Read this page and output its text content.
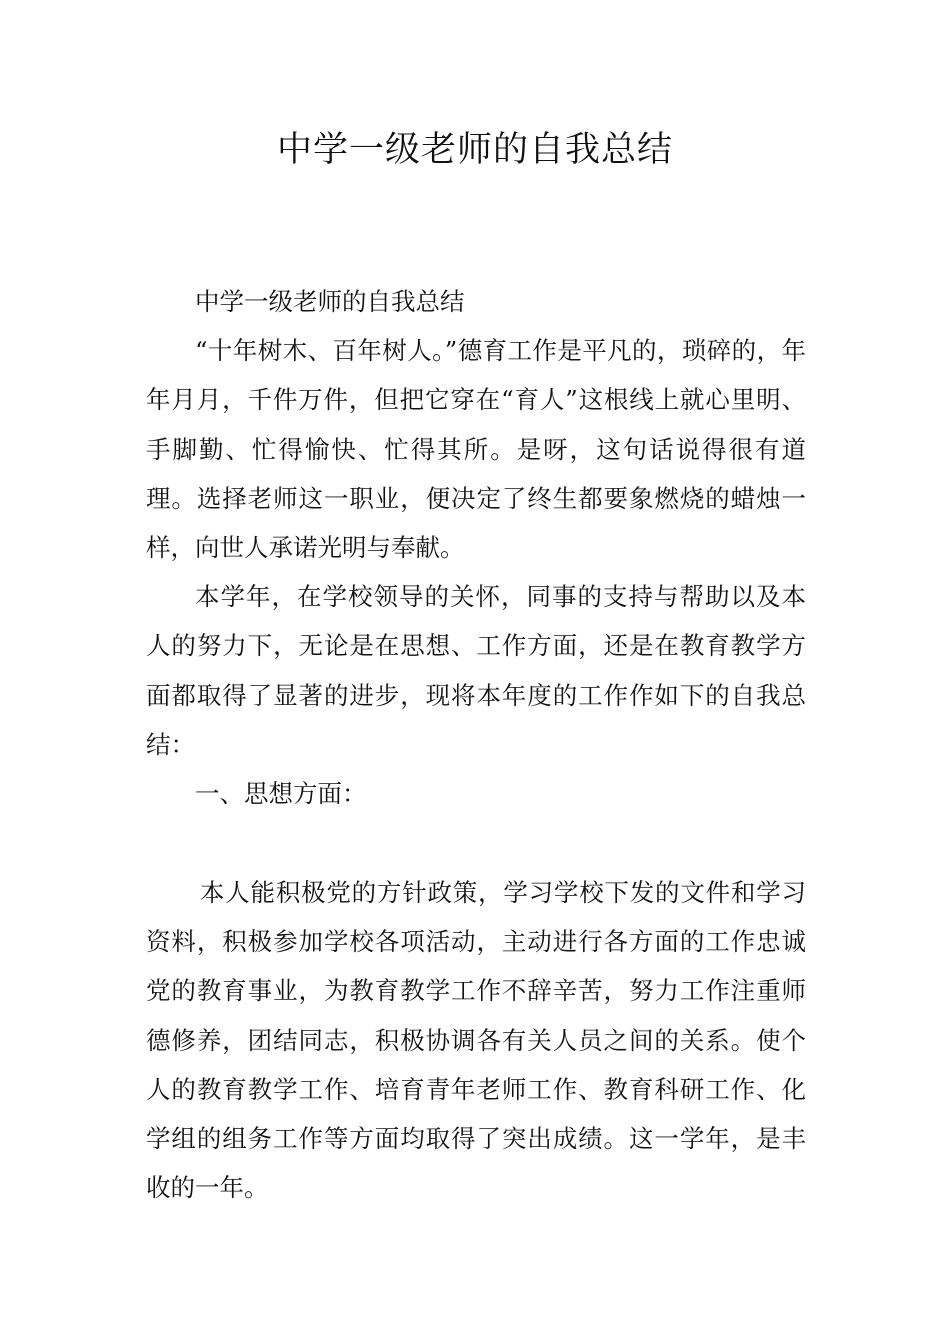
中学一级老师的自我总结

中学一级老师的自我总结

“十年树木、百年树人。”德育工作是平凡的，琐碎的，年年月月，千件万件，但把它穿在“育人”这根线上就心里明、手脚勤、忙得愉快、忙得其所。是呀，这句话说得很有道理。选择老师这一职业，便决定了终生都要象燃烧的蜡烛一样，向世人承诺光明与奉献。

本学年，在学校领导的关怀，同事的支持与帮助以及本人的努力下，无论是在思想、工作方面，还是在教育教学方面都取得了显著的进步，现将本年度的工作作如下的自我总结：

一、思想方面：

本人能积极党的方针政策，学习学校下发的文件和学习资料，积极参加学校各项活动，主动进行各方面的工作忠诚党的教育事业，为教育教学工作不辞辛苦，努力工作注重师德修养，团结同志，积极协调各有关人员之间的关系。使个人的教育教学工作、培育青年老师工作、教育科研工作、化学组的组务工作等方面均取得了突出成绩。这一学年，是丰收的一年。
